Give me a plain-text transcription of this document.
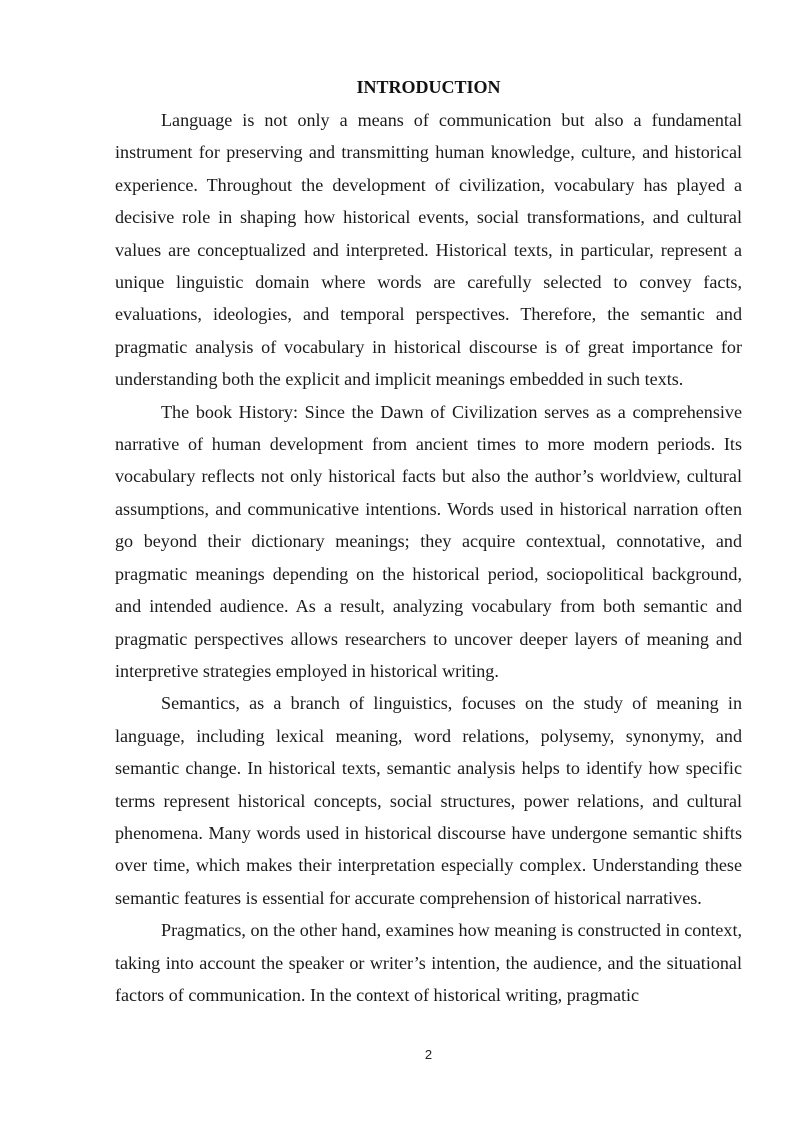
INTRODUCTION

Language is not only a means of communication but also a fundamental instrument for preserving and transmitting human knowledge, culture, and historical experience. Throughout the development of civilization, vocabulary has played a decisive role in shaping how historical events, social transformations, and cultural values are conceptualized and interpreted. Historical texts, in particular, represent a unique linguistic domain where words are carefully selected to convey facts, evaluations, ideologies, and temporal perspectives. Therefore, the semantic and pragmatic analysis of vocabulary in historical discourse is of great importance for understanding both the explicit and implicit meanings embedded in such texts.

The book History: Since the Dawn of Civilization serves as a comprehensive narrative of human development from ancient times to more modern periods. Its vocabulary reflects not only historical facts but also the author’s worldview, cultural assumptions, and communicative intentions. Words used in historical narration often go beyond their dictionary meanings; they acquire contextual, connotative, and pragmatic meanings depending on the historical period, sociopolitical background, and intended audience. As a result, analyzing vocabulary from both semantic and pragmatic perspectives allows researchers to uncover deeper layers of meaning and interpretive strategies employed in historical writing.

Semantics, as a branch of linguistics, focuses on the study of meaning in language, including lexical meaning, word relations, polysemy, synonymy, and semantic change. In historical texts, semantic analysis helps to identify how specific terms represent historical concepts, social structures, power relations, and cultural phenomena. Many words used in historical discourse have undergone semantic shifts over time, which makes their interpretation especially complex. Understanding these semantic features is essential for accurate comprehension of historical narratives.

Pragmatics, on the other hand, examines how meaning is constructed in context, taking into account the speaker or writer’s intention, the audience, and the situational factors of communication. In the context of historical writing, pragmatic

2
